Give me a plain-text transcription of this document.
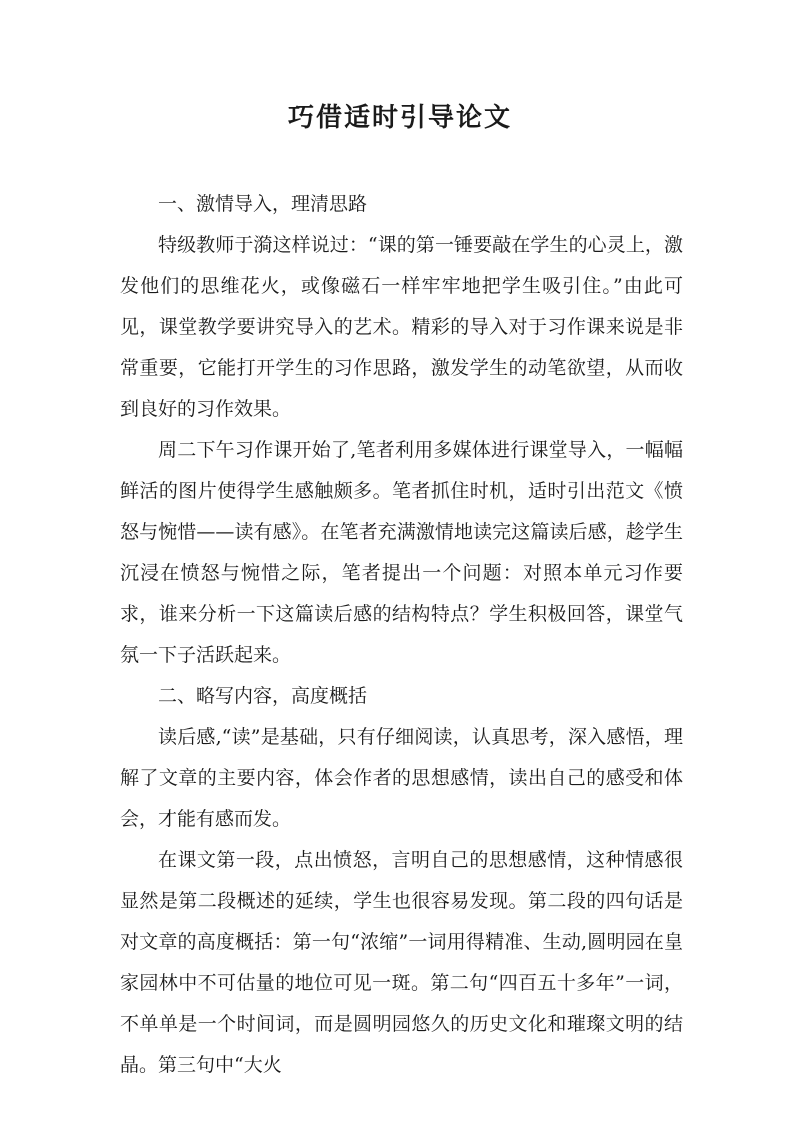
巧借适时引导论文

一、激情导入，理清思路

特级教师于漪这样说过：“课的第一锤要敲在学生的心灵上，激发他们的思维花火，或像磁石一样牢牢地把学生吸引住。”由此可见，课堂教学要讲究导入的艺术。精彩的导入对于习作课来说是非常重要，它能打开学生的习作思路，激发学生的动笔欲望，从而收到良好的习作效果。

周二下午习作课开始了,笔者利用多媒体进行课堂导入，一幅幅鲜活的图片使得学生感触颇多。笔者抓住时机，适时引出范文《愤怒与惋惜——读有感》。在笔者充满激情地读完这篇读后感，趁学生沉浸在愤怒与惋惜之际，笔者提出一个问题：对照本单元习作要求，谁来分析一下这篇读后感的结构特点？学生积极回答，课堂气氛一下子活跃起来。

二、略写内容，高度概括

读后感,“读”是基础，只有仔细阅读，认真思考，深入感悟，理解了文章的主要内容，体会作者的思想感情，读出自己的感受和体会，才能有感而发。

在课文第一段，点出愤怒，言明自己的思想感情，这种情感很显然是第二段概述的延续，学生也很容易发现。第二段的四句话是对文章的高度概括：第一句“浓缩”一词用得精准、生动,圆明园在皇家园林中不可估量的地位可见一斑。第二句“四百五十多年”一词，不单单是一个时间词，而是圆明园悠久的历史文化和璀璨文明的结晶。第三句中“大火
